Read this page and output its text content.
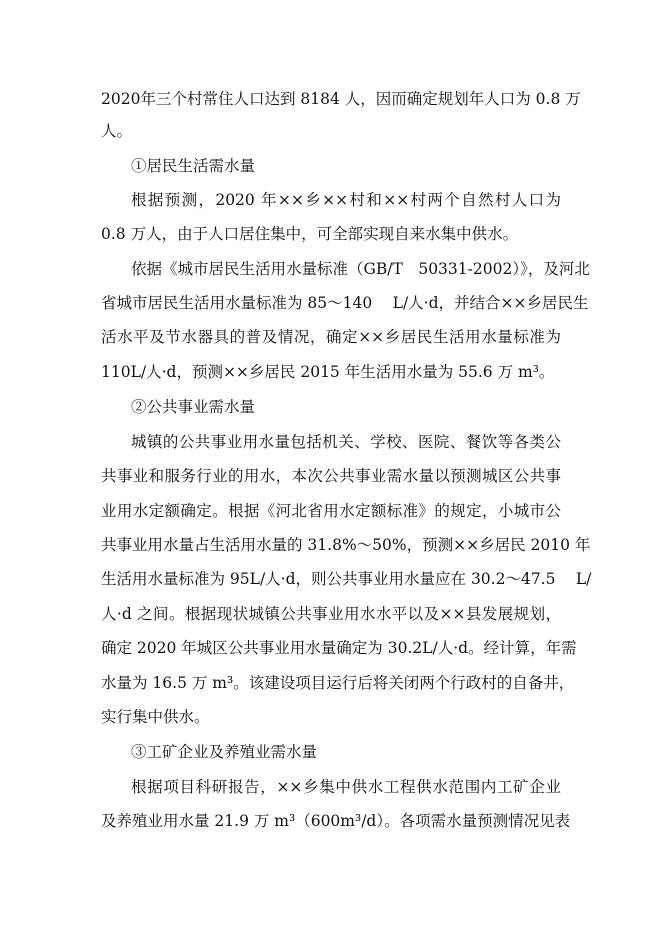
2020年三个村常住人口达到 8184 人，因而确定规划年人口为 0.8 万
人。
①居民生活需水量
根据预测，2020 年××乡××村和××村两个自然村人口为
0.8 万人，由于人口居住集中，可全部实现自来水集中供水。
依据《城市居民生活用水量标准（GB/T　50331-2002）》，及河北
省城市居民生活用水量标准为 85～140　 L/人·d，并结合××乡居民生
活水平及节水器具的普及情况，确定××乡居民生活用水量标准为
110L/人·d，预测××乡居民 2015 年生活用水量为 55.6 万 m³。
②公共事业需水量
城镇的公共事业用水量包括机关、学校、医院、餐饮等各类公
共事业和服务行业的用水，本次公共事业需水量以预测城区公共事
业用水定额确定。根据《河北省用水定额标准》的规定，小城市公
共事业用水量占生活用水量的 31.8%～50%，预测××乡居民 2010 年
生活用水量标准为 95L/人·d，则公共事业用水量应在 30.2～47.5　 L/
人·d 之间。根据现状城镇公共事业用水水平以及××县发展规划，
确定 2020 年城区公共事业用水量确定为 30.2L/人·d。经计算，年需
水量为 16.5 万 m³。该建设项目运行后将关闭两个行政村的自备井，
实行集中供水。
③工矿企业及养殖业需水量
根据项目科研报告，××乡集中供水工程供水范围内工矿企业
及养殖业用水量 21.9 万 m³（600m³/d）。各项需水量预测情况见表
